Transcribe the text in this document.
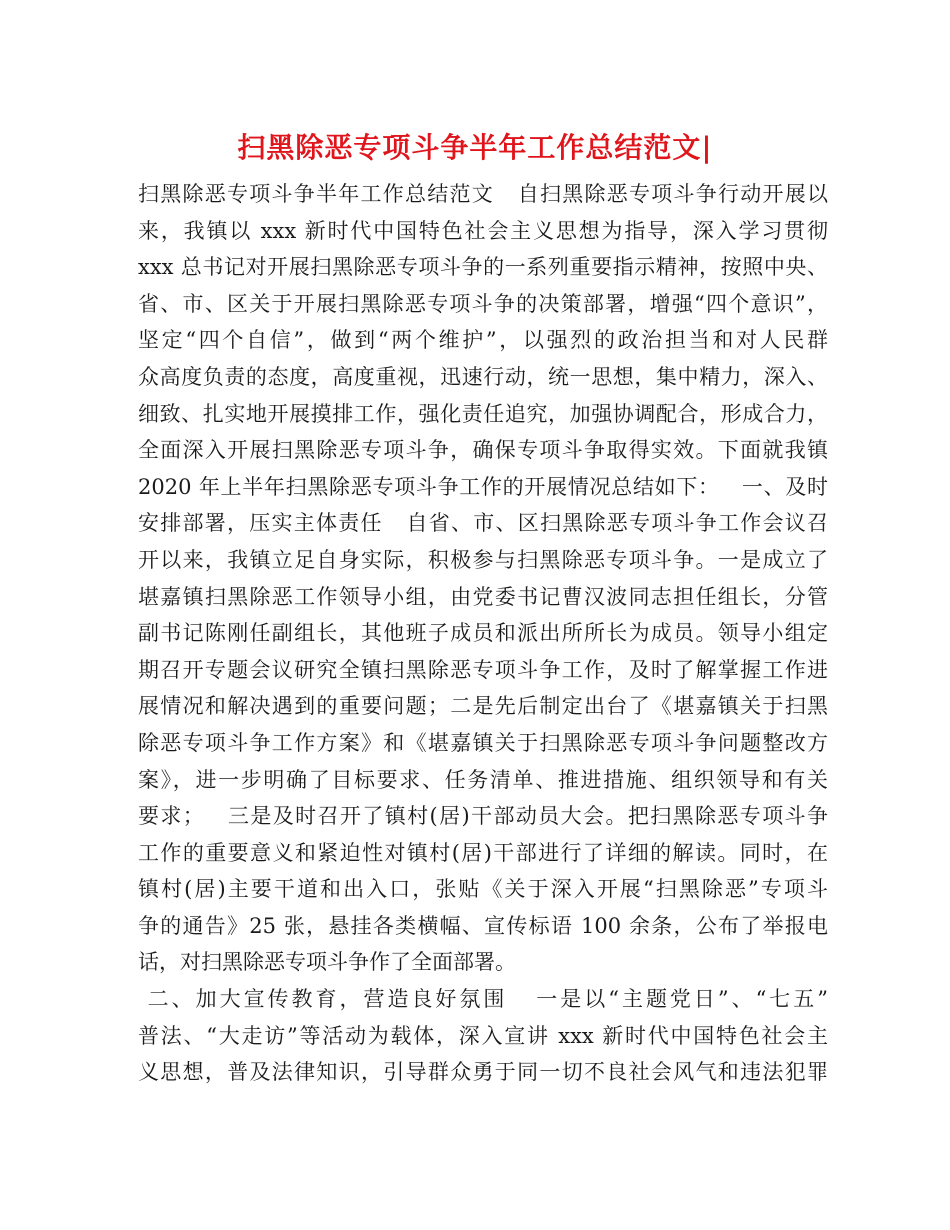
扫黑除恶专项斗争半年工作总结范文|
扫黑除恶专项斗争半年工作总结范文   自扫黑除恶专项斗争行动开展以
来，我镇以 xxx 新时代中国特色社会主义思想为指导，深入学习贯彻
xxx 总书记对开展扫黑除恶专项斗争的一系列重要指示精神，按照中央、
省、市、区关于开展扫黑除恶专项斗争的决策部署，增强“四个意识”，
坚定“四个自信”，做到“两个维护”，以强烈的政治担当和对人民群
众高度负责的态度，高度重视，迅速行动，统一思想，集中精力，深入、
细致、扎实地开展摸排工作，强化责任追究，加强协调配合，形成合力，
全面深入开展扫黑除恶专项斗争，确保专项斗争取得实效。下面就我镇
2020 年上半年扫黑除恶专项斗争工作的开展情况总结如下：   一、及时
安排部署，压实主体责任   自省、市、区扫黑除恶专项斗争工作会议召
开以来，我镇立足自身实际，积极参与扫黑除恶专项斗争。一是成立了
堪嘉镇扫黑除恶工作领导小组，由党委书记曹汉波同志担任组长，分管
副书记陈刚任副组长，其他班子成员和派出所所长为成员。领导小组定
期召开专题会议研究全镇扫黑除恶专项斗争工作，及时了解掌握工作进
展情况和解决遇到的重要问题；二是先后制定出台了《堪嘉镇关于扫黑
除恶专项斗争工作方案》和《堪嘉镇关于扫黑除恶专项斗争问题整改方
案》，进一步明确了目标要求、任务清单、推进措施、组织领导和有关
要求；   三是及时召开了镇村(居)干部动员大会。把扫黑除恶专项斗争
工作的重要意义和紧迫性对镇村(居)干部进行了详细的解读。同时，在
镇村(居)主要干道和出入口，张贴《关于深入开展“扫黑除恶”专项斗
争的通告》25 张，悬挂各类横幅、宣传标语 100 余条，公布了举报电
话，对扫黑除恶专项斗争作了全面部署。
二、加大宣传教育，营造良好氛围   一是以“主题党日”、“七五”
普法、“大走访”等活动为载体，深入宣讲 xxx 新时代中国特色社会主
义思想，普及法律知识，引导群众勇于同一切不良社会风气和违法犯罪
